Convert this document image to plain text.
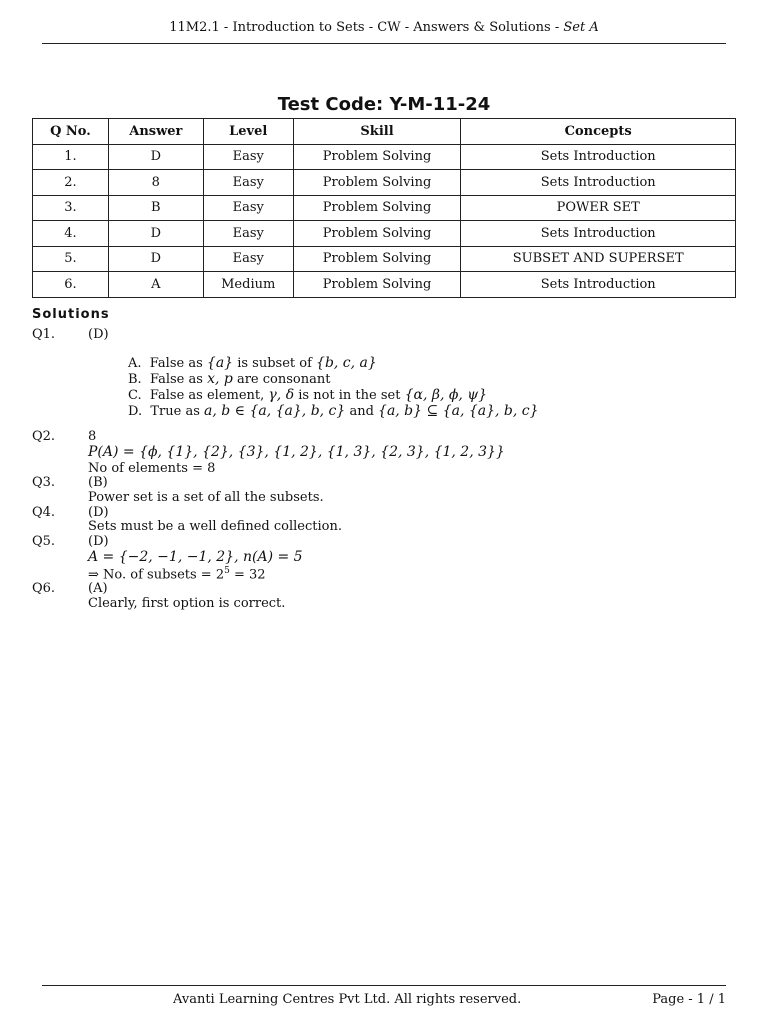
11M2.1 - Introduction to Sets - CW - Answers & Solutions - Set A
Test Code: Y-M-11-24
Q No.	Answer	Level	Skill	Concepts
1.	D	Easy	Problem Solving	Sets Introduction
2.	8	Easy	Problem Solving	Sets Introduction
3.	B	Easy	Problem Solving	POWER SET
4.	D	Easy	Problem Solving	Sets Introduction
5.	D	Easy	Problem Solving	SUBSET AND SUPERSET
6.	A	Medium	Problem Solving	Sets Introduction
Solutions
Q1.	(D)
A. False as {a} is subset of {b, c, a}
B. False as x, p are consonant
C. False as element, γ, δ is not in the set {α, β, ϕ, ψ}
D. True as a, b ∈ {a, {a}, b, c} and {a, b} ⊆ {a, {a}, b, c}
Q2.	8
P(A) = {ϕ, {1}, {2}, {3}, {1, 2}, {1, 3}, {2, 3}, {1, 2, 3}}
No of elements = 8
Q3.	(B)
Power set is a set of all the subsets.
Q4.	(D)
Sets must be a well defined collection.
Q5.	(D)
A = {−2, −1, −1, 2}, n(A) = 5
⇒ No. of subsets = $2^5 = 32$
Q6.	(A)
Clearly, first option is correct.
Avanti Learning Centres Pvt Ltd. All rights reserved.	Page - 1 / 1
